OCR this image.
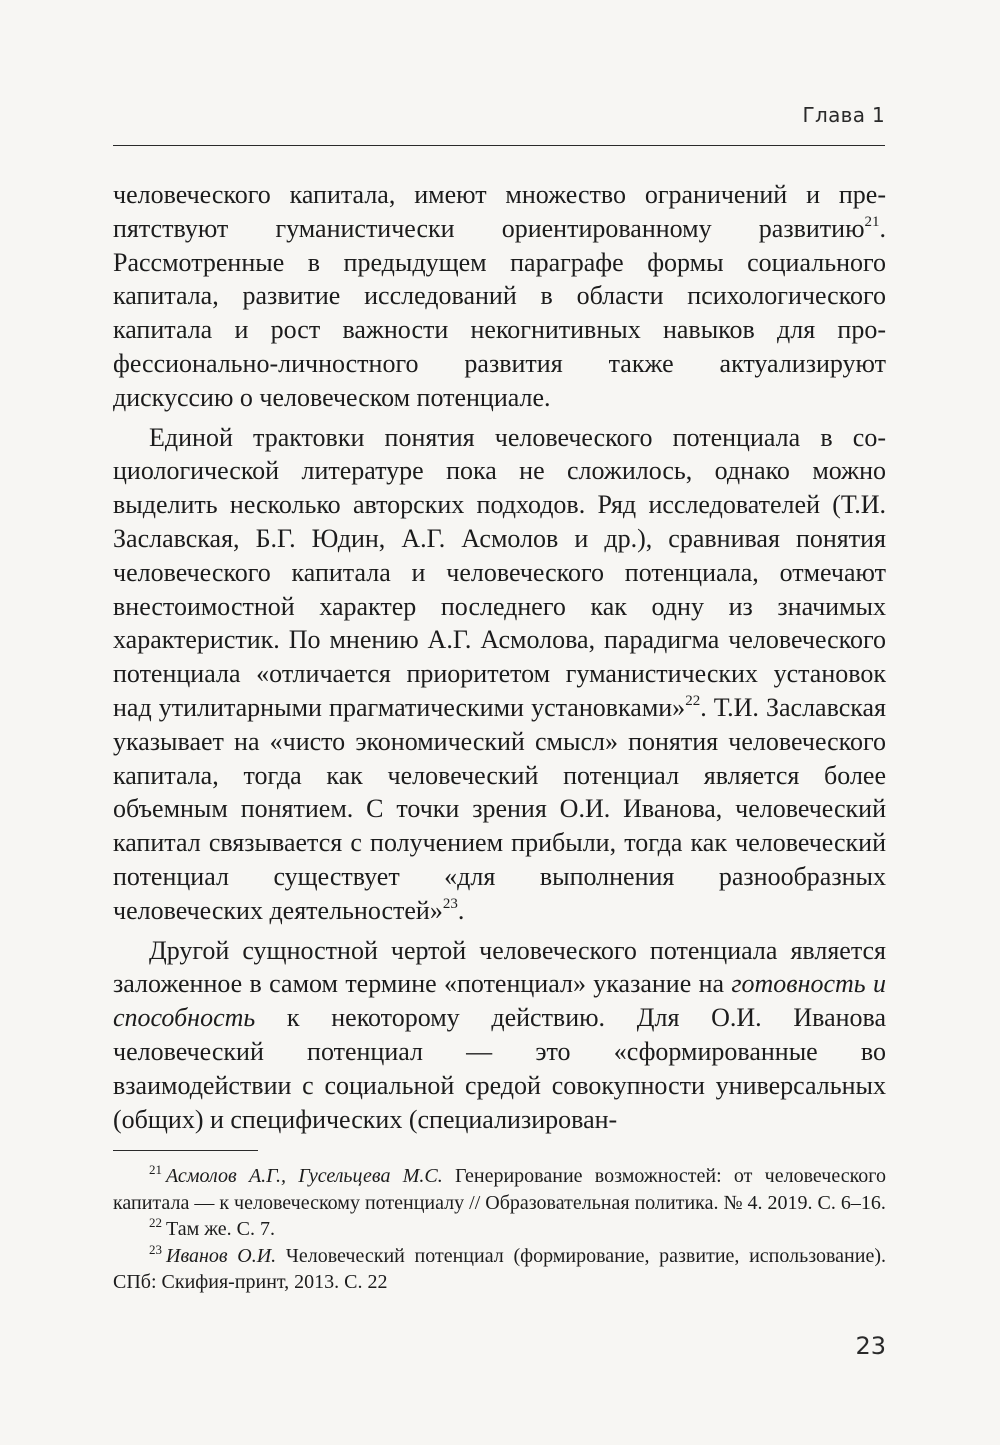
Глава 1

человеческого капитала, имеют множество ограничений и препятствуют гуманистически ориентированному развитию$^{21}$. Рассмотренные в предыдущем параграфе формы социального капитала, развитие исследований в области психологического капитала и рост важности некогнитивных навыков для профессионально-личностного развития также актуализируют дискуссию о человеческом потенциале.

Единой трактовки понятия человеческого потенциала в социологической литературе пока не сложилось, однако можно выделить несколько авторских подходов. Ряд исследователей (Т.И. Заславская, Б.Г. Юдин, А.Г. Асмолов и др.), сравнивая понятия человеческого капитала и человеческого потенциала, отмечают внестоимостной характер последнего как одну из значимых характеристик. По мнению А.Г. Асмолова, парадигма человеческого потенциала «отличается приоритетом гуманистических установок над утилитарными прагматическими установками»$^{22}$. Т.И. Заславская указывает на «чисто экономический смысл» понятия человеческого капитала, тогда как человеческий потенциал является более объемным понятием. С точки зрения О.И. Иванова, человеческий капитал связывается с получением прибыли, тогда как человеческий потенциал существует «для выполнения разнообразных человеческих деятельностей»$^{23}$.

Другой сущностной чертой человеческого потенциала является заложенное в самом термине «потенциал» указание на готовность и способность к некоторому действию. Для О.И. Иванова человеческий потенциал — это «сформированные во взаимодействии с социальной средой совокупности универсальных (общих) и специфических (специализирован-

$^{21}$ Асмолов А.Г., Гусельцева М.С. Генерирование возможностей: от человеческого капитала — к человеческому потенциалу // Образовательная политика. № 4. 2019. С. 6–16.

$^{22}$ Там же. С. 7.

$^{23}$ Иванов О.И. Человеческий потенциал (формирование, развитие, использование). СПб: Скифия-принт, 2013. С. 22

23
